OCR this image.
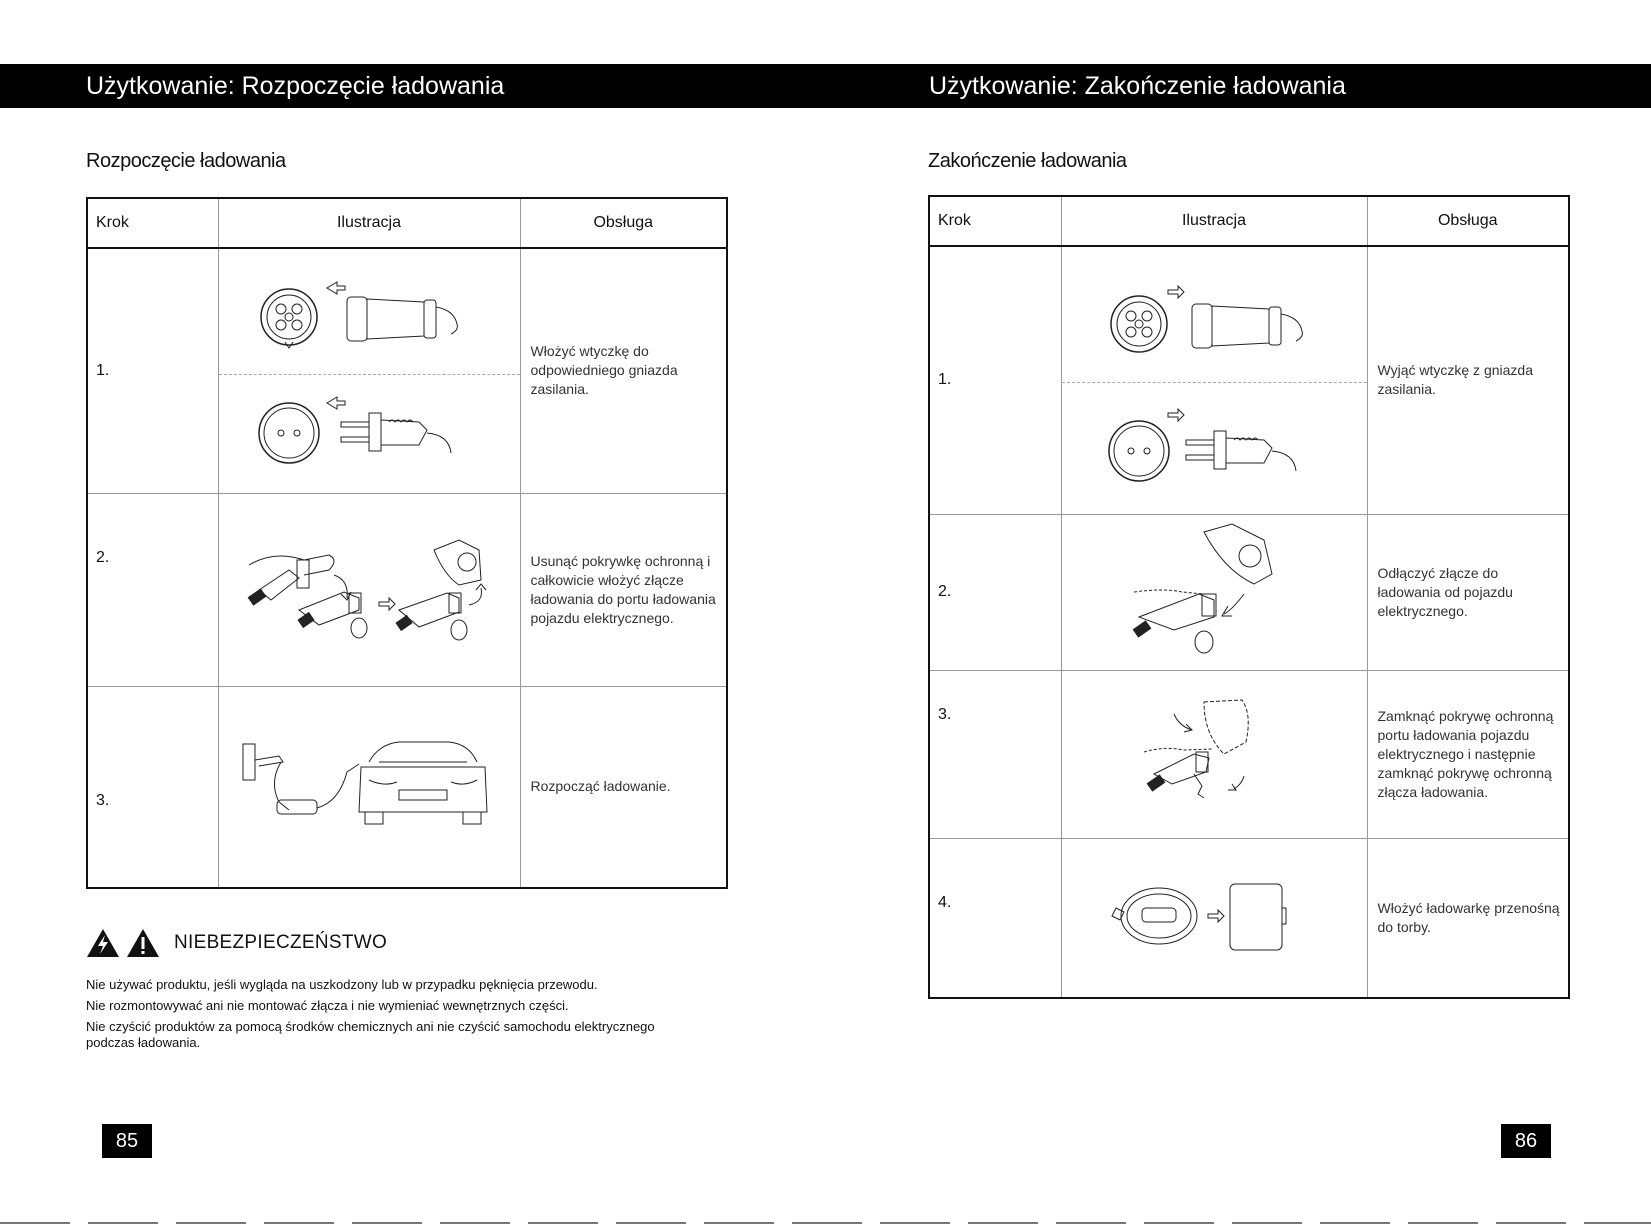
Użytkowanie: Rozpoczęcie ładowania
Rozpoczęcie ładowania
Krok	Ilustracja	Obsługa
1.		Włożyć wtyczkę do odpowiedniego gniazda zasilania.
2.		Usunąć pokrywkę ochronną i całkowicie włożyć złącze ładowania do portu ładowania pojazdu elektrycznego.
3.		Rozpocząć ładowanie.
NIEBEZPIECZEŃSTWO

Nie używać produktu, jeśli wygląda na uszkodzony lub w przypadku pęknięcia przewodu.

Nie rozmontowywać ani nie montować złącza i nie wymieniać wewnętrznych części.

Nie czyścić produktów za pomocą środków chemicznych ani nie czyścić samochodu elektrycznego podczas ładowania.

85
Użytkowanie: Zakończenie ładowania
Zakończenie ładowania
Krok	Ilustracja	Obsługa
1.		Wyjąć wtyczkę z gniazda zasilania.
2.		Odłączyć złącze do ładowania od pojazdu elektrycznego.
3.		Zamknąć pokrywę ochronną portu ładowania pojazdu elektrycznego i następnie zamknąć pokrywę ochronną złącza ładowania.
4.		Włożyć ładowarkę przenośną do torby.
86
